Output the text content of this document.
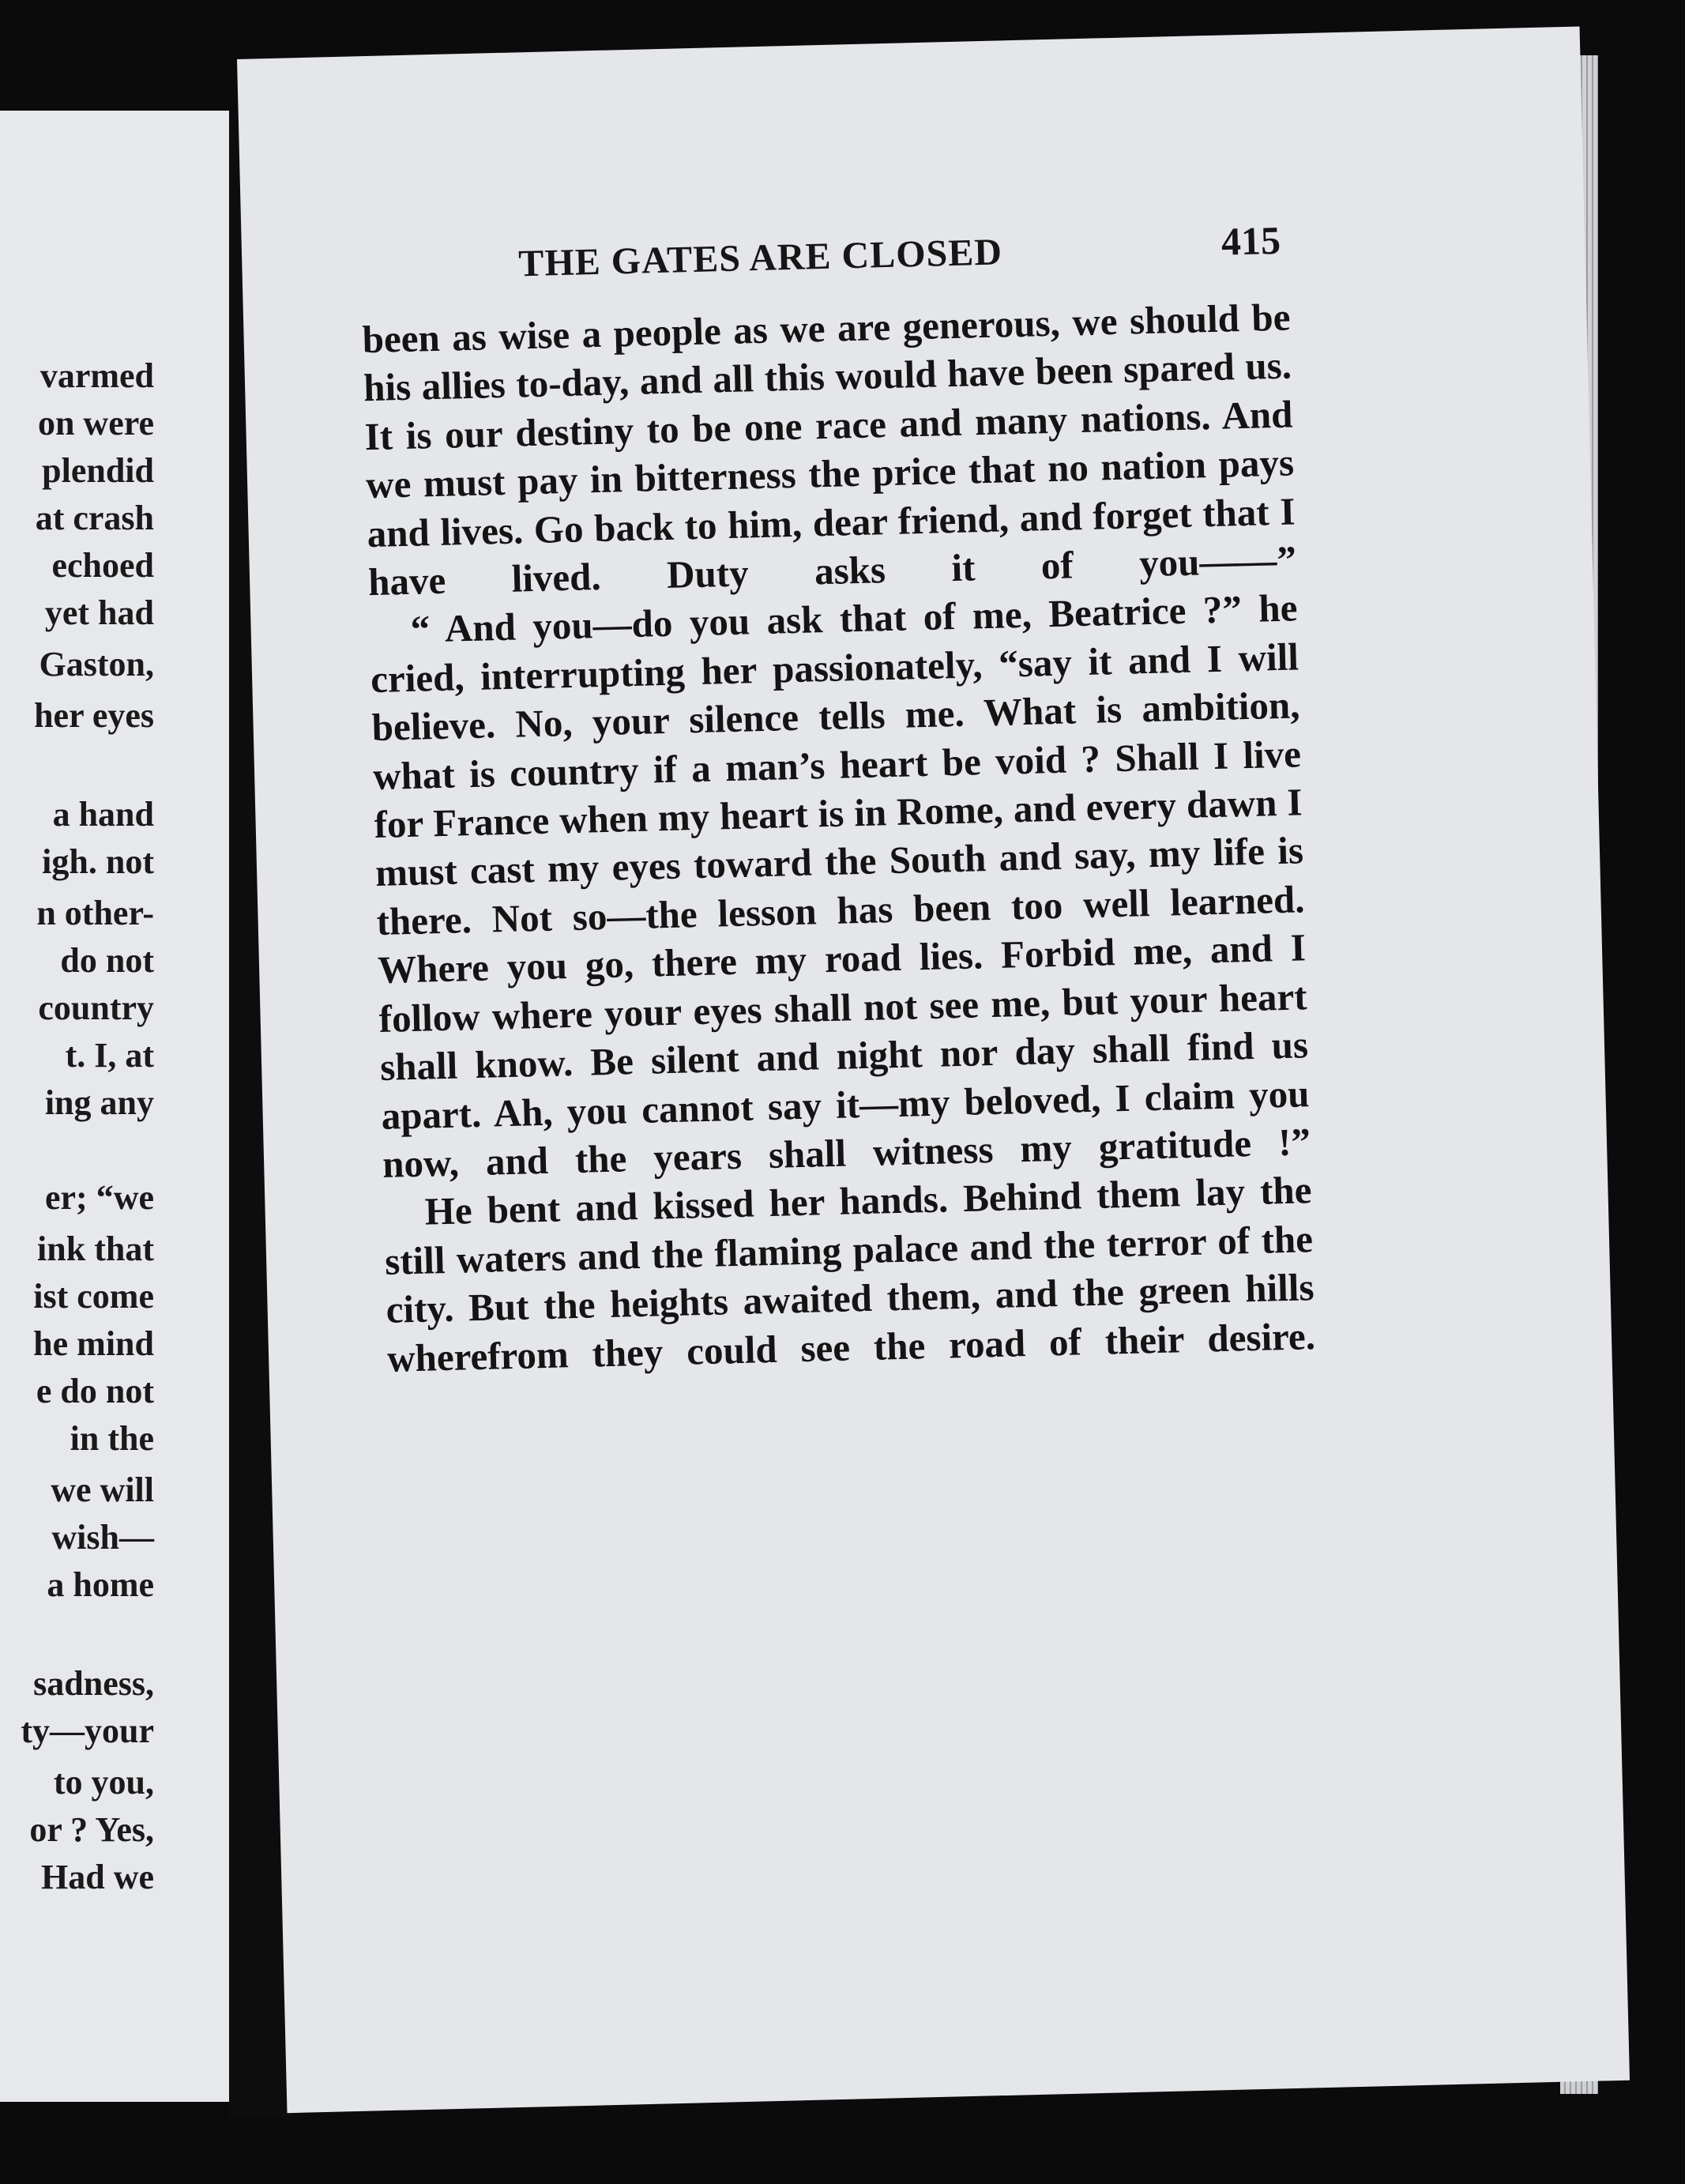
varmed
on were
plendid
at crash
echoed
yet had
Gaston,
her eyes
a hand
igh. not
n other-
do not
country
t. I, at
ing any
er; “we
ink that
ist come
he mind
e do not
in the
we will
wish—
a home
sadness,
ty—your
to you,
or ? Yes,
Had we
THE GATES ARE CLOSED	415

been as wise a people as we are generous, we should be his allies to-day, and all this would have been spared us. It is our destiny to be one race and many nations. And we must pay in bitterness the price that no nation pays and lives. Go back to him, dear friend, and forget that I have lived. Duty asks it of you——”

“ And you—do you ask that of me, Beatrice ?” he cried, interrupting her passionately, “say it and I will believe. No, your silence tells me. What is ambition, what is country if a man’s heart be void ? Shall I live for France when my heart is in Rome, and every dawn I must cast my eyes toward the South and say, my life is there. Not so—the lesson has been too well learned. Where you go, there my road lies. Forbid me, and I follow where your eyes shall not see me, but your heart shall know. Be silent and night nor day shall find us apart. Ah, you cannot say it—my beloved, I claim you now, and the years shall witness my gratitude !”

He bent and kissed her hands. Behind them lay the still waters and the flaming palace and the terror of the city. But the heights awaited them, and the green hills wherefrom they could see the road of their desire.
